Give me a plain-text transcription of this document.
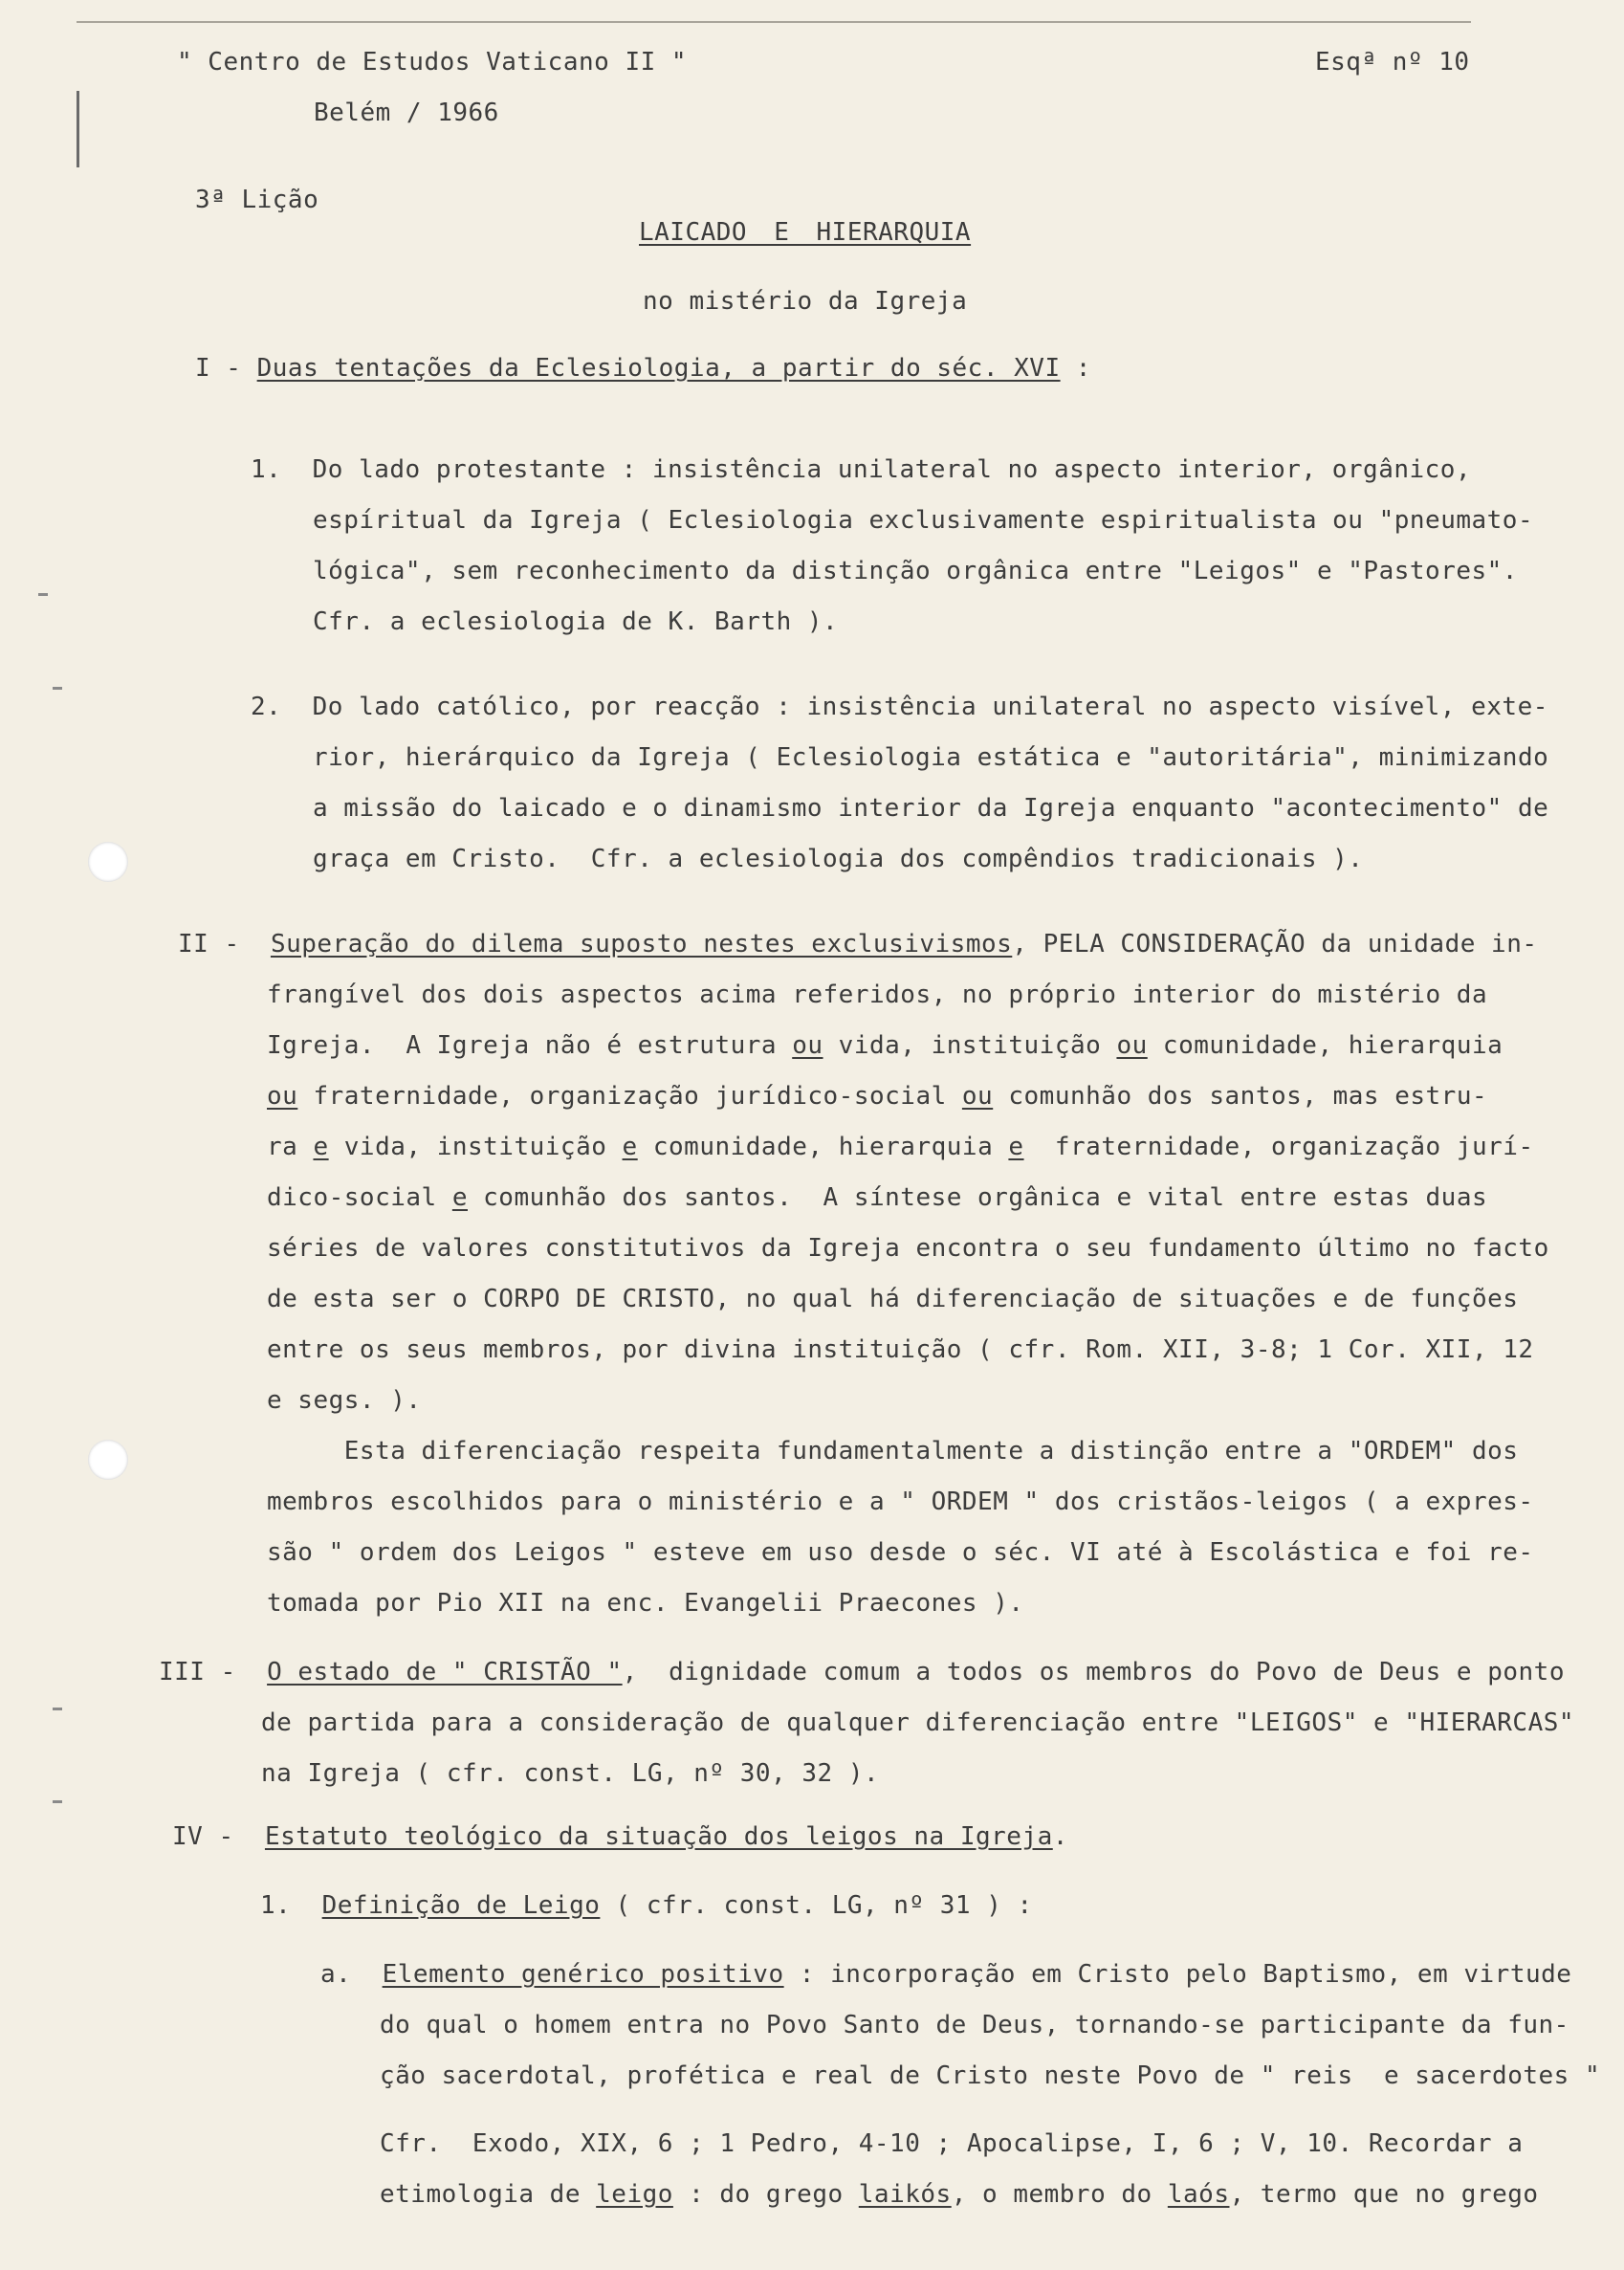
" Centro de Estudos Vaticano II "	Esqª nº 10
Belém / 1966
3ª Lição
LAICADO E HIERARQUIA
no mistério da Igreja
I - Duas tentações da Eclesiologia, a partir do séc. XVI :
1.  Do lado protestante : insistência unilateral no aspecto interior, orgânico,
espíritual da Igreja ( Eclesiologia exclusivamente espiritualista ou "pneumato-
lógica", sem reconhecimento da distinção orgânica entre "Leigos" e "Pastores".
Cfr. a eclesiologia de K. Barth ).
2.  Do lado católico, por reacção : insistência unilateral no aspecto visível, exte-
rior, hierárquico da Igreja ( Eclesiologia estática e "autoritária", minimizando
a missão do laicado e o dinamismo interior da Igreja enquanto "acontecimento" de
graça em Cristo.  Cfr. a eclesiologia dos compêndios tradicionais ).
II - Superação do dilema suposto nestes exclusivismos, PELA CONSIDERAÇÃO da unidade in-
frangível dos dois aspectos acima referidos, no próprio interior do mistério da
Igreja.  A Igreja não é estrutura ou vida, instituição ou comunidade, hierarquia
ou fraternidade, organização jurídico-social ou comunhão dos santos, mas estru-
ra e vida, instituição e comunidade, hierarquia e  fraternidade, organização jurí-
dico-social e comunhão dos santos.  A síntese orgânica e vital entre estas duas
séries de valores constitutivos da Igreja encontra o seu fundamento último no facto
de esta ser o CORPO DE CRISTO, no qual há diferenciação de situações e de funções
entre os seus membros, por divina instituição ( cfr. Rom. XII, 3-8; 1 Cor. XII, 12
e segs. ).
Esta diferenciação respeita fundamentalmente a distinção entre a "ORDEM" dos
membros escolhidos para o ministério e a " ORDEM " dos cristãos-leigos ( a expres-
são " ordem dos Leigos " esteve em uso desde o séc. VI até à Escolástica e foi re-
tomada por Pio XII na enc. Evangelii Praecones ).
III - O estado de " CRISTÃO ",  dignidade comum a todos os membros do Povo de Deus e ponto
de partida para a consideração de qualquer diferenciação entre "LEIGOS" e "HIERARCAS"
na Igreja ( cfr. const. LG, nº 30, 32 ).
IV - Estatuto teológico da situação dos leigos na Igreja.
1. Definição de Leigo ( cfr. const. LG, nº 31 ) :
a. Elemento genérico positivo : incorporação em Cristo pelo Baptismo, em virtude
do qual o homem entra no Povo Santo de Deus, tornando-se participante da fun-
ção sacerdotal, profética e real de Cristo neste Povo de " reis  e sacerdotes "
Cfr.  Exodo, XIX, 6 ; 1 Pedro, 4-10 ; Apocalipse, I, 6 ; V, 10. Recordar a
etimologia de leigo : do grego laikós, o membro do laós, termo que no grego
